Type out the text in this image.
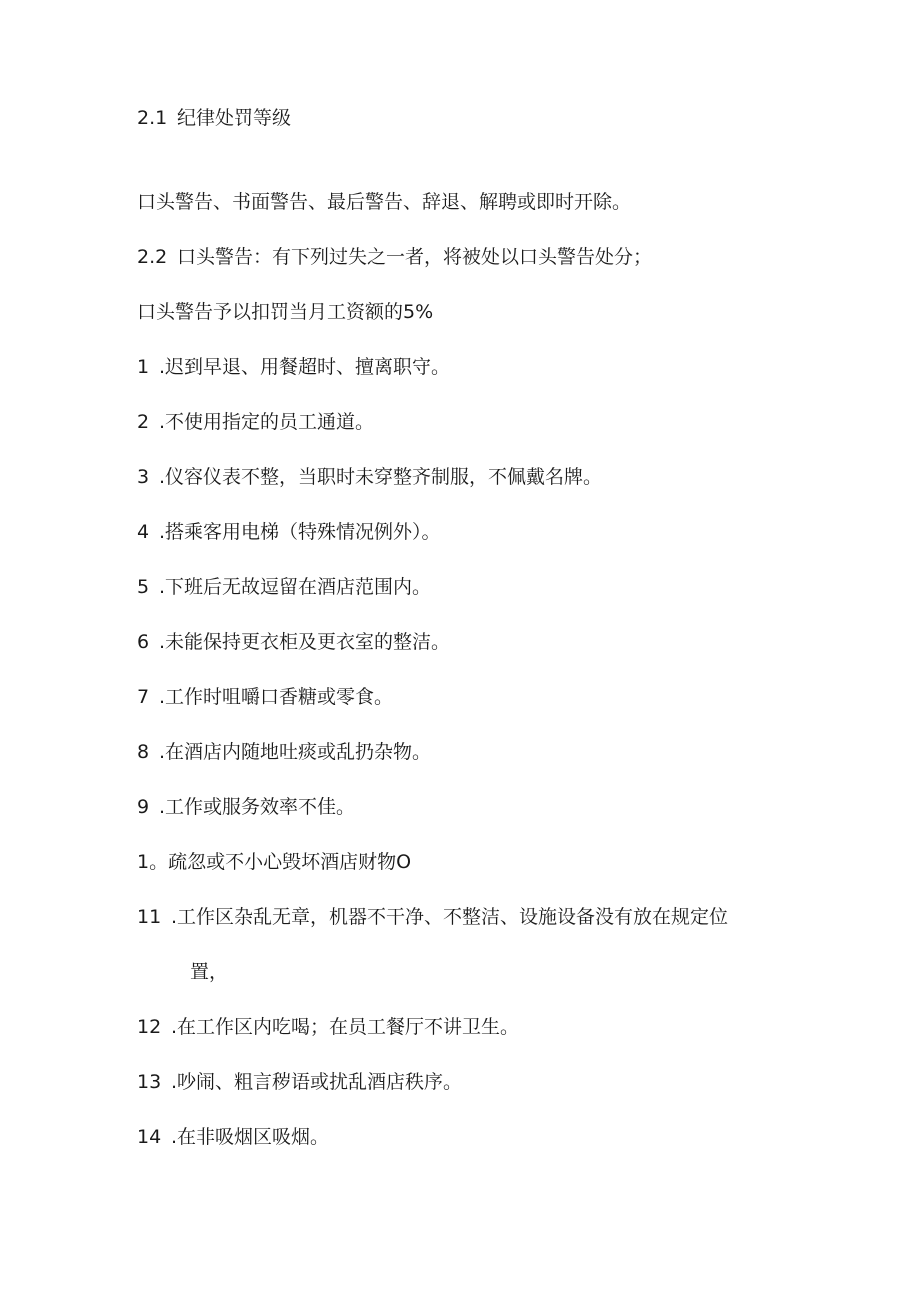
2.1 纪律处罚等级
口头警告、书面警告、最后警告、辞退、解聘或即时开除。
2.2 口头警告：有下列过失之一者，将被处以口头警告处分；
口头警告予以扣罚当月工资额的5%
1 .迟到早退、用餐超时、擅离职守。
2 .不使用指定的员工通道。
3 .仪容仪表不整，当职时未穿整齐制服，不佩戴名牌。
4 .搭乘客用电梯（特殊情况例外）。
5 .下班后无故逗留在酒店范围内。
6 .未能保持更衣柜及更衣室的整洁。
7 .工作时咀嚼口香糖或零食。
8 .在酒店内随地吐痰或乱扔杂物。
9 .工作或服务效率不佳。
1。疏忽或不小心毁坏酒店财物O
11 .工作区杂乱无章，机器不干净、不整洁、设施设备没有放在规定位
置，
12 .在工作区内吃喝；在员工餐厅不讲卫生。
13 .吵闹、粗言秽语或扰乱酒店秩序。
14 .在非吸烟区吸烟。
